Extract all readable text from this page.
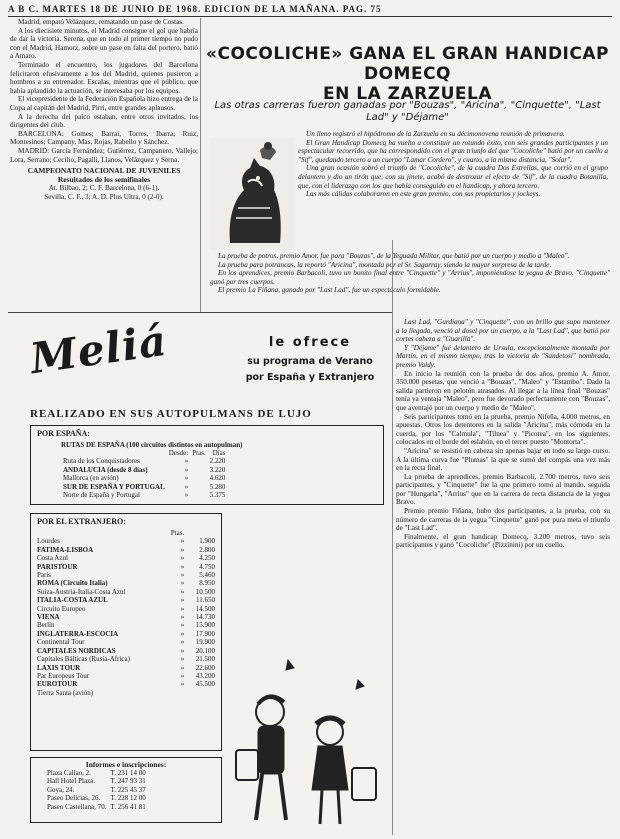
A B C. MARTES 18 DE JUNIO DE 1968. EDICION DE LA MAÑANA. PAG. 75

Madrid, empató Velázquez, rematando un pase de Costas.

A los diecisiete minutos, el Madrid consigue el gol que habría de dar la victoria. Serena, que en todo el primer tiempo no pudo con el Madrid, Hamorz, sobre un pase en falta del portero, batió a Amaro.

Terminado el encuentro, los jugadores del Barcelona felicitaron efusivamente a los del Madrid, quienes pusieron a hombros a su entrenador. Escalas, mientras que el público, que había aplaudido la actuación, se interesaba por los equipos.

El vicepresidente de la Federación Española hizo entrega de la Copa al capitán del Madrid, Pirri, entre grandes aplausos.

A la derecha del palco estaban, entre otros invitados, los dirigentes del club.

BARCELONA: Gomes; Barrai, Torres, Ibarra; Ruiz, Montesinos; Campany, Mas, Rojas, Rabello y Sánchez.

MADRID: García Fernández; Gutiérrez, Campanero, Vallejo; Lora, Serrano; Cecilio, Pagalli, Llanos, Velázquez y Serna.

CAMPEONATO NACIONAL DE JUVENILES
Resultados de los semifinales
At. Bilbao, 2; C. F. Barcelona, 0 (6-1).
Sevilla, C. F., 3; A. D. Plus Ultra, 0 (2-0).
«COCOLICHE» GANA EL GRAN HANDICAP DOMECQ
EN LA ZARZUELA
Las otras carreras fueron ganadas por "Bouzas", "Aricina", "Cinquette", "Last Lad" y "Déjame"

Un lleno registró el hipódromo de la Zarzuela en su décimonovena reunión de primavera.

El Gran Handicap Domecq ha vuelto a constituir un rotundo éxito, con seis grandes participantes y un espectacular recorrido, que ha correspondido con el gran triunfo del que "Cocoliche" batió por un cuello a "Sif", quedando tercero a un cuerpo "Lamar Cordero", y cuarto, a la misma distancia, "Solar".

Una gran ocasión sobró el triunfo de "Cocoliche", de la cuadra Dos Estrellas, que corrió en el grupo delantero y dio un tirón que, con su jinete, acabó de destrozar el efecto de "Sif", de la cuadra Botanilla, que, con el liderazgo con los que había conseguido en el handicap, y ahora tercero.

Las más cálidas colaboraron en este gran premio, con sus propietarios y jockeys.

La prueba de potros, premio Amor, fue para "Bouzas", de la Yeguada Militar, que batió por un cuerpo y medio a "Maleo".

La prueba para potrancas, la reportó "Aricina", montada por el Sr. Sagarray, siendo la mayor sorpresa de la tarde.

En los aprendices, premio Barbacoli, tuvo un bonito final entre "Cinquette" y "Arrius", imponiéndose la yegua de Bravo. "Cinquette" ganó por tres cuerpos.

El premio La Fiñana, ganado por "Last Lad", fue un espectáculo formidable.

Last Lad, "Gurdiana" y "Cinquette", con un brillo que supo mantener a la llegada, venció al dosel por un cuerpo, a la "Last Lad", que batió por cortes cabeza a "Guarilla".

Y "Déjame" fué delantero de Ursula, excepcionalmente montada por Martín, en el mismo tiempo, tras la victoria de "Sandetosi" nombrada, premio Valdy.

En inicio la reunión con la prueba de dos años, premio A. Amor, 350.000 pesetas, que venció a "Bouzas", "Maleo" y "Estambo". Dado la salida partieron en pelotón atrasados. Al llegar a la línea final "Bouzas" tenía ya ventaja "Maleo", pero fue devorado perfectamente con "Bouzas", que aventajó por un cuerpo y medio de "Maleo".

Seis participantes tomó en la prueba, premio Nifeña, 4.000 metros, en apuestas. Otros los detentores en la salida "Aricina", más cómoda en la cuerda, por los "Calmula", "Tilnea" y "Picotea", en los siguientes, colocados en el borde del eslabón, en el tercer puesto "Montorta".

"Aricina" se resistió en cabeza sin apenas bajar en todo su largo curso. A la última curva fue "Plumas" la que se sumó del compás una vez más en la recta final.

La prueba de aprendices, premio Barbacoli, 2.700 metros, tuvo seis participantes, y "Cinquette" fue la que primero tomó al mando, seguida por "Hungaria", "Arrius" que en la carrera de recta distancia de la yegua Bravo.

Premio premio Fiñana, hubo dos participantes, a la prueba, con su número de carreras de la yegua "Cinquette" ganó por pura meta el triunfo de "Last Lad".

Finalmente, el gran handicap Domecq, 3.200 metros, tuvo seis participantes y ganó "Cocoliche" (Pizzinini) por un cuello.

Meliá	le ofrece
su programa de Verano
por España y Extranjero
REALIZADO EN SUS AUTOPULMANS DE LUJO
POR ESPAÑA:
RUTAS DE ESPAÑA (100 circuitos distintos en autopulman)
	Desde:	Ptas.	Días
Ruta de los Conquistadores	»		2.220
ANDALUCIA (desde 8 días)	»		3.220
Mallorca (en avión)	»		4.620
SUR DE ESPAÑA Y PORTUGAL	»		5.280
Norte de España y Portugal	»		5.375
POR EL EXTRANJERO:
	Ptas.	
Lourdes	»	1.900
FATIMA-LISBOA	»	2.800
Costa Azul	»	4.250
PARISTOUR	»	4.750
Paris	»	5.460
ROMA (Circuito Italia)	»	8.950
Suiza-Austria-Italia-Costa Azul	»	10.500
ITALIA-COSTA AZUL	»	11.650
Circuito Europeo	»	14.500
VIENA	»	14.730
Berlín	»	15.900
INGLATERRA-ESCOCIA	»	17.900
Continental Tour	»	19.900
CAPITALES NORDICAS	»	20.100
Capitales Bálticas (Rusia-Africa)	»	21.500
LAXIS TOUR	»	22.600
Par Europeus Tour	»	43.200
EUROTOUR	»	45.500
Tierra Santa (avión)		
Informes e inscripciones:
Plaza Callao, 2.	T. 231 14 00
Hall Hotel Plaza.	T. 247 93 31
Goya, 24.	T. 225 45 37
Paseo Delicias, 26.	T. 228 12 00
Paseo Castellana, 70.	T. 256 41 81
